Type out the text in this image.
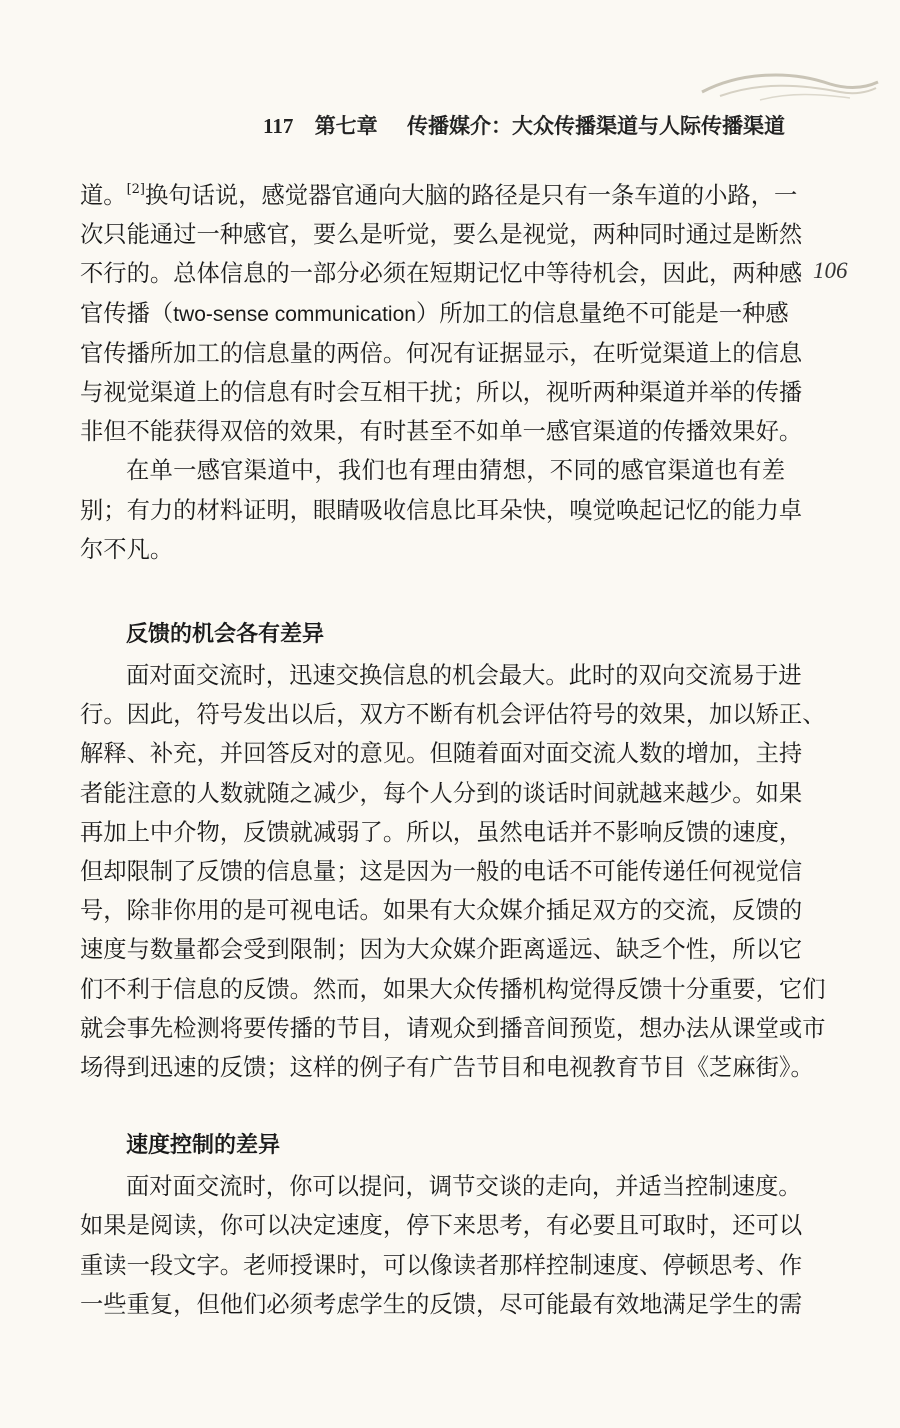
117 第七章 传播媒介：大众传播渠道与人际传播渠道
106
道。[2]换句话说，感觉器官通向大脑的路径是只有一条车道的小路，一
次只能通过一种感官，要么是听觉，要么是视觉，两种同时通过是断然
不行的。总体信息的一部分必须在短期记忆中等待机会，因此，两种感
官传播（two-sense communication）所加工的信息量绝不可能是一种感
官传播所加工的信息量的两倍。何况有证据显示，在听觉渠道上的信息
与视觉渠道上的信息有时会互相干扰；所以，视听两种渠道并举的传播
非但不能获得双倍的效果，有时甚至不如单一感官渠道的传播效果好。
在单一感官渠道中，我们也有理由猜想，不同的感官渠道也有差
别；有力的材料证明，眼睛吸收信息比耳朵快，嗅觉唤起记忆的能力卓
尔不凡。
反馈的机会各有差异
面对面交流时，迅速交换信息的机会最大。此时的双向交流易于进
行。因此，符号发出以后，双方不断有机会评估符号的效果，加以矫正、
解释、补充，并回答反对的意见。但随着面对面交流人数的增加，主持
者能注意的人数就随之减少，每个人分到的谈话时间就越来越少。如果
再加上中介物，反馈就减弱了。所以，虽然电话并不影响反馈的速度，
但却限制了反馈的信息量；这是因为一般的电话不可能传递任何视觉信
号，除非你用的是可视电话。如果有大众媒介插足双方的交流，反馈的
速度与数量都会受到限制；因为大众媒介距离遥远、缺乏个性，所以它
们不利于信息的反馈。然而，如果大众传播机构觉得反馈十分重要，它们
就会事先检测将要传播的节目，请观众到播音间预览，想办法从课堂或市
场得到迅速的反馈；这样的例子有广告节目和电视教育节目《芝麻街》。
速度控制的差异
面对面交流时，你可以提问，调节交谈的走向，并适当控制速度。
如果是阅读，你可以决定速度，停下来思考，有必要且可取时，还可以
重读一段文字。老师授课时，可以像读者那样控制速度、停顿思考、作
一些重复，但他们必须考虑学生的反馈，尽可能最有效地满足学生的需
